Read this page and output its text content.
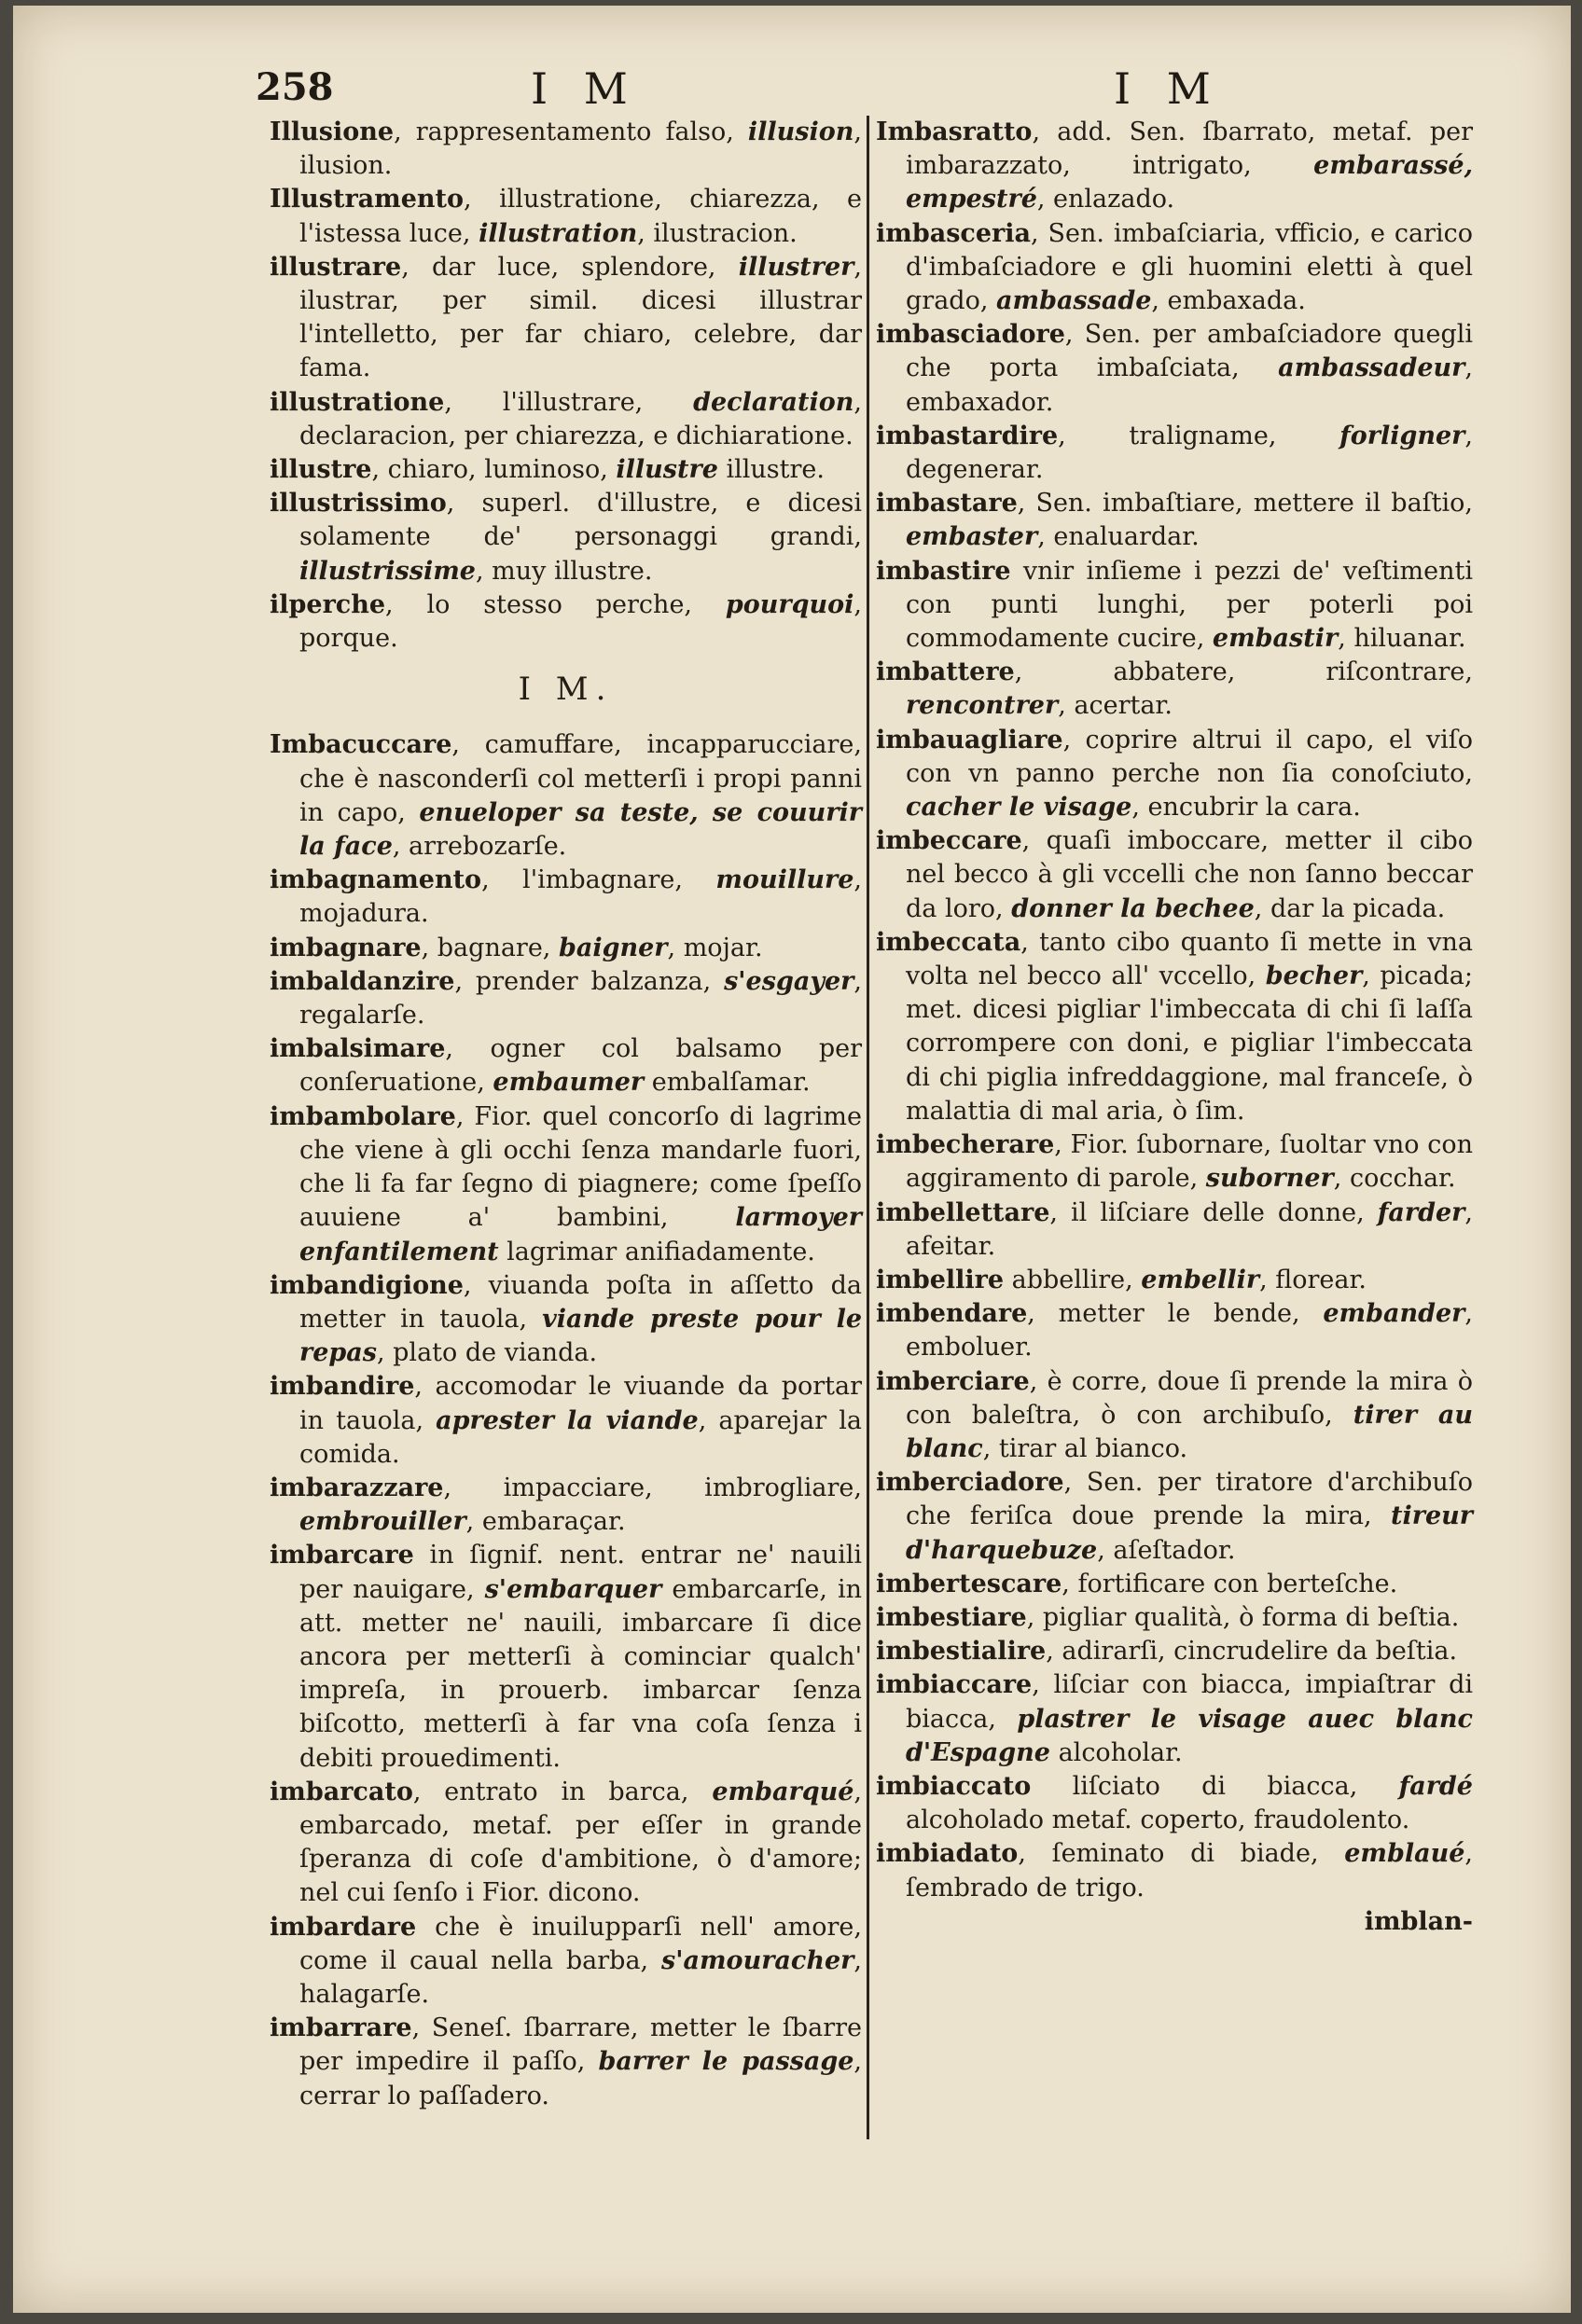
258	I M	I M

Illusione, rappresentamento falso, illusion, ilusion.

Illustramento, illustratione, chiarezza, e l'istessa luce, illustration, ilustracion.

illustrare, dar luce, splendore, illustrer, ilustrar, per simil. dicesi illustrar l'intelletto, per far chiaro, celebre, dar fama.

illustratione, l'illustrare, declaration, declaracion, per chiarezza, e dichiaratione.

illustre, chiaro, luminoso, illustre illustre.

illustrissimo, superl. d'illustre, e dicesi solamente de' personaggi grandi, illustrissime, muy illustre.

ilperche, lo stesso perche, pourquoi, porque.

I M.

Imbacuccare, camuffare, incapparucciare, che è nasconderſi col metterſi i propi panni in capo, enueloper sa teste, se couurir la face, arrebozarſe.

imbagnamento, l'imbagnare, mouillure, mojadura.

imbagnare, bagnare, baigner, mojar.

imbaldanzire, prender balzanza, s'esgayer, regalarſe.

imbalsimare, ogner col balsamo per conſeruatione, embaumer embalſamar.

imbambolare, Fior. quel concorſo di lagrime che viene à gli occhi ſenza mandarle fuori, che li fa far ſegno di piagnere; come ſpeſſo auuiene a' bambini, larmoyer enfantilement lagrimar anifiadamente.

imbandigione, viuanda poſta in aſſetto da metter in tauola, viande preste pour le repas, plato de vianda.

imbandire, accomodar le viuande da portar in tauola, aprester la viande, aparejar la comida.

imbarazzare, impacciare, imbrogliare, embrouiller, embaraçar.

imbarcare in ſignif. nent. entrar ne' nauili per nauigare, s'embarquer embarcarſe, in att. metter ne' nauili, imbarcare ſi dice ancora per metterſi à cominciar qualch' impreſa, in prouerb. imbarcar ſenza biſcotto, metterſi à far vna coſa ſenza i debiti prouedimenti.

imbarcato, entrato in barca, embarqué, embarcado, metaf. per eſſer in grande ſperanza di coſe d'ambitione, ò d'amore; nel cui ſenſo i Fior. dicono.

imbardare che è inuilupparſi nell' amore, come il caual nella barba, s'amouracher, halagarſe.

imbarrare, Seneſ. ſbarrare, metter le ſbarre per impedire il paſſo, barrer le passage, cerrar lo paſſadero.

Imbasratto, add. Sen. ſbarrato, metaf. per imbarazzato, intrigato, embarassé, empestré, enlazado.

imbasceria, Sen. imbaſciaria, vfficio, e carico d'imbaſciadore e gli huomini eletti à quel grado, ambassade, embaxada.

imbasciadore, Sen. per ambaſciadore quegli che porta imbaſciata, ambassadeur, embaxador.

imbastardire, traligname, forligner, degenerar.

imbastare, Sen. imbaſtiare, mettere il baſtio, embaster, enaluardar.

imbastire vnir inſieme i pezzi de' veſtimenti con punti lunghi, per poterli poi commodamente cucire, embastir, hiluanar.

imbattere, abbatere, riſcontrare, rencontrer, acertar.

imbauagliare, coprire altrui il capo, el viſo con vn panno perche non ſia conoſciuto, cacher le visage, encubrir la cara.

imbeccare, quaſi imboccare, metter il cibo nel becco à gli vccelli che non ſanno beccar da loro, donner la bechee, dar la picada.

imbeccata, tanto cibo quanto ſi mette in vna volta nel becco all' vccello, becher, picada; met. dicesi pigliar l'imbeccata di chi ſi laſſa corrompere con doni, e pigliar l'imbeccata di chi piglia infreddaggione, mal franceſe, ò malattia di mal aria, ò ſim.

imbecherare, Fior. ſubornare, ſuoltar vno con aggiramento di parole, suborner, cocchar.

imbellettare, il liſciare delle donne, farder, afeitar.

imbellire abbellire, embellir, florear.

imbendare, metter le bende, embander, emboluer.

imberciare, è corre, doue ſi prende la mira ò con baleſtra, ò con archibuſo, tirer au blanc, tirar al bianco.

imberciadore, Sen. per tiratore d'archibuſo che feriſca doue prende la mira, tireur d'harquebuze, aſeſtador.

imbertescare, fortificare con berteſche.

imbestiare, pigliar qualità, ò forma di beſtia.

imbestialire, adirarſi, cincrudelire da beſtia.

imbiaccare, liſciar con biacca, impiaſtrar di biacca, plastrer le visage auec blanc d'Espagne alcoholar.

imbiaccato liſciato di biacca, fardé alcoholado metaf. coperto, fraudolento.

imbiadato, ſeminato di biade, emblaué, ſembrado de trigo.

imblan-
